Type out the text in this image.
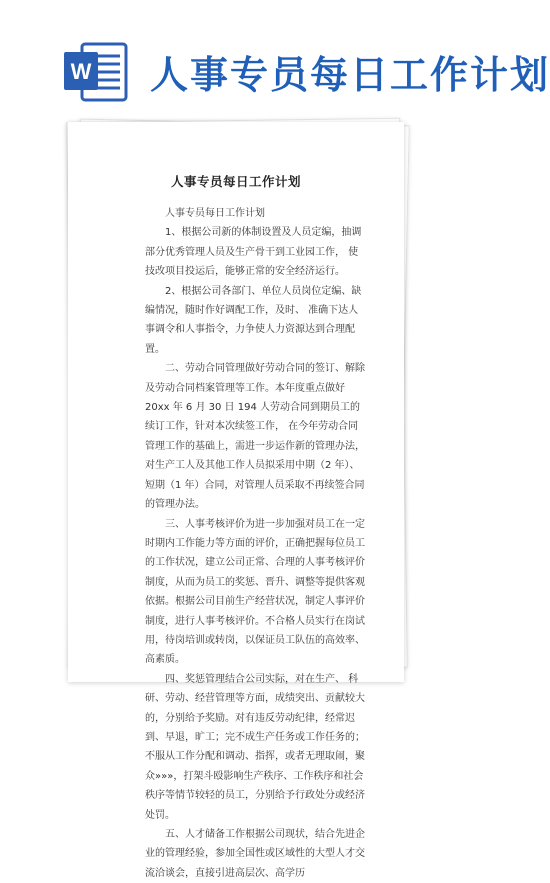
W 人事专员每日工作计划
人事专员每日工作计划

人事专员每日工作计划

1、根据公司新的体制设置及人员定编，抽调部分优秀管理人员及生产骨干到工业园工作， 使技改项目投运后，能够正常的安全经济运行。

2、根据公司各部门、单位人员岗位定编、缺编情况，随时作好调配工作，及时、 准确下达人事调令和人事指令，力争使人力资源达到合理配置。

二、劳动合同管理做好劳动合同的签订、解除及劳动合同档案管理等工作。本年度重点做好 20xx 年 6 月 30 日 194 人劳动合同到期员工的续订工作，针对本次续签工作， 在今年劳动合同管理工作的基础上，需进一步运作新的管理办法，对生产工人及其他工作人员拟采用中期（2 年）、短期（1 年）合同，对管理人员采取不再续签合同的管理办法。

三、人事考核评价为进一步加强对员工在一定时期内工作能力等方面的评价，正确把握每位员工的工作状况，建立公司正常、合理的人事考核评价制度，从而为员工的奖惩、晋升、调整等提供客观依据。根据公司目前生产经营状况，制定人事评价制度，进行人事考核评价。不合格人员实行在岗试用，待岗培训或转岗，以保证员工队伍的高效率、高素质。

四、奖惩管理结合公司实际，对在生产、 科研、劳动、经营管理等方面，成绩突出、贡献较大的，分别给予奖励。对有违反劳动纪律，经常迟到、早退，旷工；完不成生产任务或工作任务的；不服从工作分配和调动、指挥，或者无理取闹，聚众»»»，打架斗殴影响生产秩序、工作秩序和社会秩序等情节较轻的员工，分别给予行政处分或经济处罚。

五、人才储备工作根据公司现状，结合先进企业的管理经验，参加全国性或区域性的大型人才交流洽谈会，直接引进高层次、高学历
